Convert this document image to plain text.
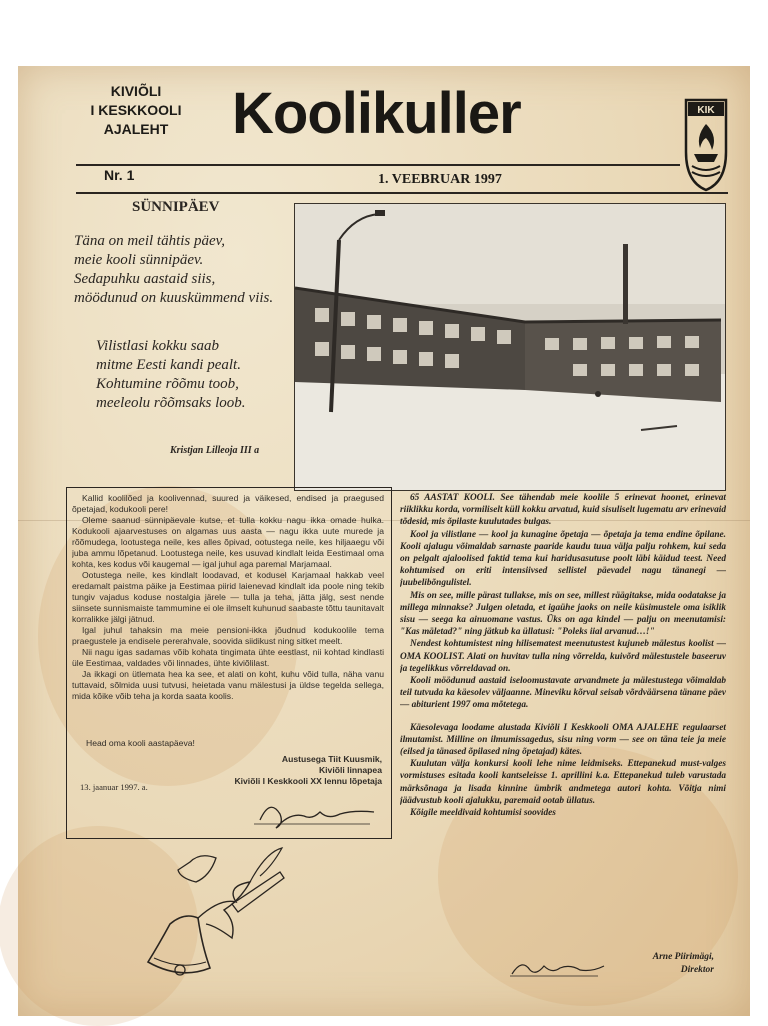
KIVIÕLI
I KESKKOOLI
AJALEHT	Koolikuller	KIK
Nr. 1	1. VEEBRUAR 1997
SÜNNIPÄEV
Täna on meil tähtis päev,
meie kooli sünnipäev.
Sedapuhku aastaid siis,
möödunud on kuuskümmend viis.
Vilistlasi kokku saab
mitme Eesti kandi pealt.
Kohtumine rõõmu toob,
meeleolu rõõmsaks loob.
Kristjan Lilleoja III a

Kallid koolilõed ja koolivennad, suured ja väikesed, endised ja praegused õpetajad, kodukooli pere!

Oleme saanud sünnipäevale kutse, et tulla kokku nagu ikka omade hulka. Kodukooli ajaarvestuses on algamas uus aasta — nagu ikka uute murede ja rõõmudega, lootustega neile, kes alles õpivad, ootustega neile, kes hiljaaegu või juba ammu lõpetanud. Lootustega neile, kes usuvad kindlalt leida Eestimaal oma kohta, kes kodus või kaugemal — igal juhul aga paremal Marjamaal.

Ootustega neile, kes kindlalt loodavad, et kodusel Karjamaal hakkab veel eredamalt paistma päike ja Eestimaa piirid laienevad kindlalt ida poole ning tekib tungiv vajadus koduse nostalgia järele — tulla ja teha, jätta jälg, sest nende siinsete sunnismaiste tammumine ei ole ilmselt kuhunud saabaste tõttu taunitavalt korralikke jälgi jätnud.

Igal juhul tahaksin ma meie pensioni-ikka jõudnud kodukoolile tema praegustele ja endisele pererahvale, soovida siidikust ning sitket meelt.

Nii nagu igas sadamas võib kohata tingimata ühte eestlast, nii kohtad kindlasti üle Eestimaa, valdades või linnades, ühte kiviõlilast.

Ja ikkagi on ütlemata hea ka see, et alati on koht, kuhu võid tulla, näha vanu tuttavaid, sõlmida uusi tutvusi, heietada vanu mälestusi ja üldse tegelda sellega, mida kõike võib teha ja korda saata koolis.

Head oma kooli aastapäeva!
Austusega Tiit Kuusmik,
Kiviõli linnapea
Kiviõli I Keskkooli XX lennu lõpetaja
13. jaanuar 1997. a.

65 AASTAT KOOLI. See tähendab meie koolile 5 erinevat hoonet, erinevat riiklikku korda, vormiliselt küll kokku arvatud, kuid sisuliselt lugematu arv erinevaid tõdesid, mis õpilaste kuulutades bulgas.

Kool ja vilistlane — kool ja kunagine õpetaja — õpetaja ja tema endine õpilane. Kooli ajalugu võimaldab sarnaste paaride kaudu tuua välja palju rohkem, kui seda on pelgalt ajaloolised faktid tema kui haridusasutuse poolt läbi käidud teest. Need kohtumised on eriti intensiivsed sellistel päevadel nagu tänanegi — juubelibõngulistel.

Mis on see, mille pärast tullakse, mis on see, millest räägitakse, mida oodatakse ja millega minnakse? Julgen oletada, et igaühe jaoks on neile küsimustele oma isiklik sisu — seega ka ainuomane vastus. Üks on aga kindel — palju on meenutamisi: "Kas mäletad?" ning jätkub ka üllatusi: "Poleks iial arvanud…!"

Nendest kohtumistest ning hilisematest meenutustest kujuneb mälestus koolist — OMA KOOLIST. Alati on huvitav tulla ning võrrelda, kuivõrd mälestustele baseeruv ja tegelikkus võrreldavad on.

Kooli möödunud aastaid iseloomustavate arvandmete ja mälestustega võimaldab teil tutvuda ka käesolev väljaanne. Mineviku kõrval seisab võrdväärsena tänane päev — abiturient 1997 oma mõtetega.

Käesolevaga loodame alustada Kiviõli I Keskkooli OMA AJALEHE regulaarset ilmutamist. Milline on ilmumissagedus, sisu ning vorm — see on täna teie ja meie (eilsed ja tänased õpilased ning õpetajad) kätes.

Kuulutan välja konkursi kooli lehe nime leidmiseks. Ettepanekud must-valges vormistuses esitada kooli kantseleisse 1. aprillini k.a. Ettepanekud tuleb varustada märksõnaga ja lisada kinnine ümbrik andmetega autori kohta. Võitja nimi jäädvustub kooli ajalukku, paremaid ootab üllatus.

Kõigile meeldivaid kohtumisi soovides

Arne Piirimägi,
Direktor
